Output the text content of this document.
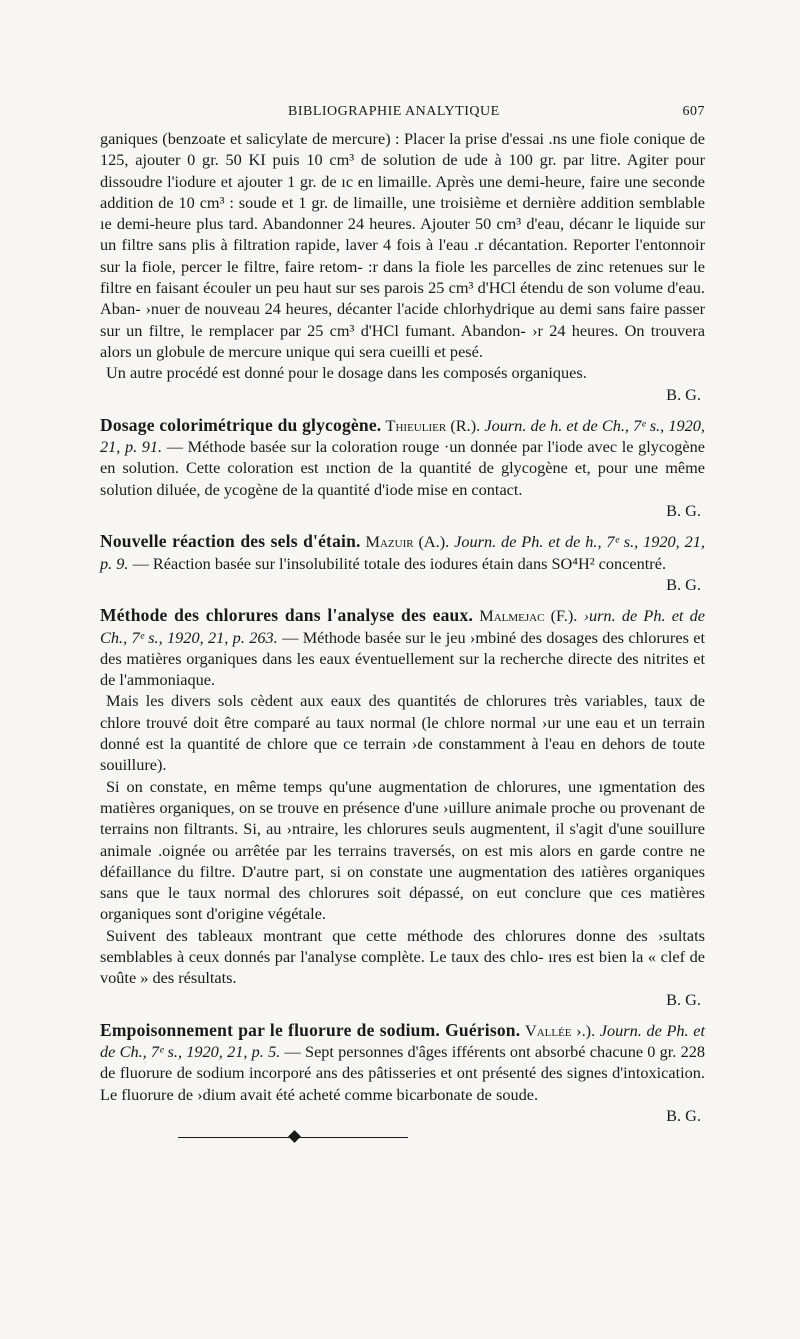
BIBLIOGRAPHIE ANALYTIQUE	607

ganiques (benzoate et salicylate de mercure) : Placer la prise d'essai .ns une fiole conique de 125, ajouter 0 gr. 50 KI puis 10 cm³ de solution de ude à 100 gr. par litre. Agiter pour dissoudre l'iodure et ajouter 1 gr. de ıc en limaille. Après une demi-heure, faire une seconde addition de 10 cm³ : soude et 1 gr. de limaille, une troisième et dernière addition semblable ıe demi-heure plus tard. Abandonner 24 heures. Ajouter 50 cm³ d'eau, décanr le liquide sur un filtre sans plis à filtration rapide, laver 4 fois à l'eau .r décantation. Reporter l'entonnoir sur la fiole, percer le filtre, faire retom‑ :r dans la fiole les parcelles de zinc retenues sur le filtre en faisant écouler un peu haut sur ses parois 25 cm³ d'HCl étendu de son volume d'eau. Aban‑ ›nuer de nouveau 24 heures, décanter l'acide chlorhydrique au demi sans faire passer sur un filtre, le remplacer par 25 cm³ d'HCl fumant. Abandon‑ ›r 24 heures. On trouvera alors un globule de mercure unique qui sera cueilli et pesé.

Un autre procédé est donné pour le dosage dans les composés organiques.

B. G.

Dosage colorimétrique du glycogène. Thieulier (R.). Journ. de h. et de Ch., 7ᵉ s., 1920, 21, p. 91. — Méthode basée sur la coloration rouge ·un donnée par l'iode avec le glycogène en solution. Cette coloration est ınction de la quantité de glycogène et, pour une même solution diluée, de ycogène de la quantité d'iode mise en contact.

B. G.

Nouvelle réaction des sels d'étain. Mazuir (A.). Journ. de Ph. et de h., 7ᵉ s., 1920, 21, p. 9. — Réaction basée sur l'insolubilité totale des iodures étain dans SO⁴H² concentré.

B. G.

Méthode des chlorures dans l'analyse des eaux. Malmejac (F.). ›urn. de Ph. et de Ch., 7ᵉ s., 1920, 21, p. 263. — Méthode basée sur le jeu ›mbiné des dosages des chlorures et des matières organiques dans les eaux éventuellement sur la recherche directe des nitrites et de l'ammoniaque.

Mais les divers sols cèdent aux eaux des quantités de chlorures très variables, taux de chlore trouvé doit être comparé au taux normal (le chlore normal ›ur une eau et un terrain donné est la quantité de chlore que ce terrain ›de constamment à l'eau en dehors de toute souillure).

Si on constate, en même temps qu'une augmentation de chlorures, une ıgmentation des matières organiques, on se trouve en présence d'une ›uillure animale proche ou provenant de terrains non filtrants. Si, au ›ntraire, les chlorures seuls augmentent, il s'agit d'une souillure animale .oignée ou arrêtée par les terrains traversés, on est mis alors en garde contre ne défaillance du filtre. D'autre part, si on constate une augmentation des ıatières organiques sans que le taux normal des chlorures soit dépassé, on eut conclure que ces matières organiques sont d'origine végétale.

Suivent des tableaux montrant que cette méthode des chlorures donne des ›sultats semblables à ceux donnés par l'analyse complète. Le taux des chlo‑ ıres est bien la « clef de voûte » des résultats.

B. G.

Empoisonnement par le fluorure de sodium. Guérison. Vallée ›.). Journ. de Ph. et de Ch., 7ᵉ s., 1920, 21, p. 5. — Sept personnes d'âges ifférents ont absorbé chacune 0 gr. 228 de fluorure de sodium incorporé ans des pâtisseries et ont présenté des signes d'intoxication. Le fluorure de ›dium avait été acheté comme bicarbonate de soude.

B. G.
